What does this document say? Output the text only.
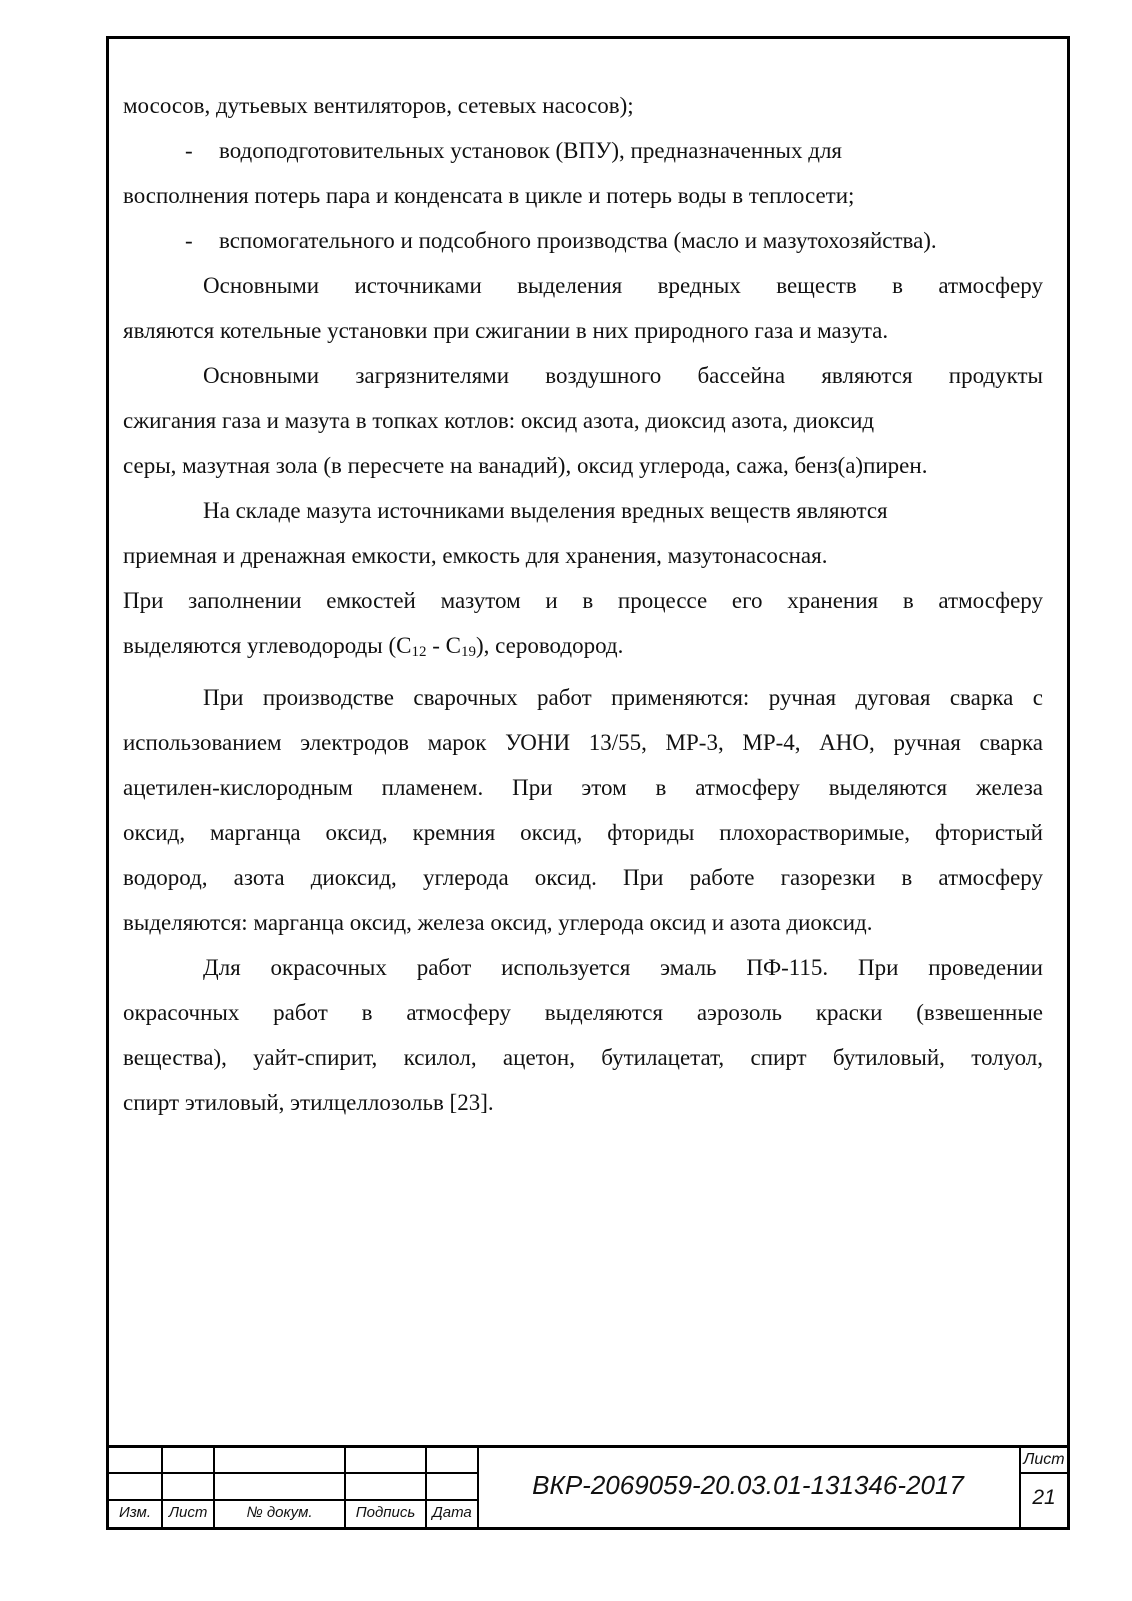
мососов, дутьевых вентиляторов, сетевых насосов);

- водоподготовительных установок (ВПУ), предназначенных для

восполнения потерь пара и конденсата в цикле и потерь воды в теплосети;

- вспомогательного и подсобного производства (масло и мазутохозяйства).

Основными источниками выделения вредных веществ в атмосферу

являются котельные установки при сжигании в них природного газа и мазута.

Основными загрязнителями воздушного бассейна являются продукты

сжигания газа и мазута в топках котлов: оксид азота, диоксид азота, диоксид

серы, мазутная зола (в пересчете на ванадий), оксид углерода, сажа, бенз(а)пирен.

На складе мазута источниками выделения вредных веществ являются

приемная и дренажная емкости, емкость для хранения, мазутонасосная.

При заполнении емкостей мазутом и в процессе его хранения в атмосферу

выделяются углеводороды (C12 - C19), сероводород.

При производстве сварочных работ применяются: ручная дуговая сварка с

использованием электродов марок УОНИ 13/55, МР-3, МР-4, АНО, ручная сварка

ацетилен-кислородным пламенем. При этом в атмосферу выделяются железа

оксид, марганца оксид, кремния оксид, фториды плохорастворимые, фтористый

водород, азота диоксид, углерода оксид. При работе газорезки в атмосферу

выделяются: марганца оксид, железа оксид, углерода оксид и азота диоксид.

Для окрасочных работ используется эмаль ПФ-115. При проведении

окрасочных работ в атмосферу выделяются аэрозоль краски (взвешенные

вещества), уайт-спирит, ксилол, ацетон, бутилацетат, спирт бутиловый, толуол,

спирт этиловый, этилцеллозольв [23].

Изм.	Лист	№ докум.	Подпись	Дата
ВКР-2069059-20.03.01-131346-2017
Лист
21
